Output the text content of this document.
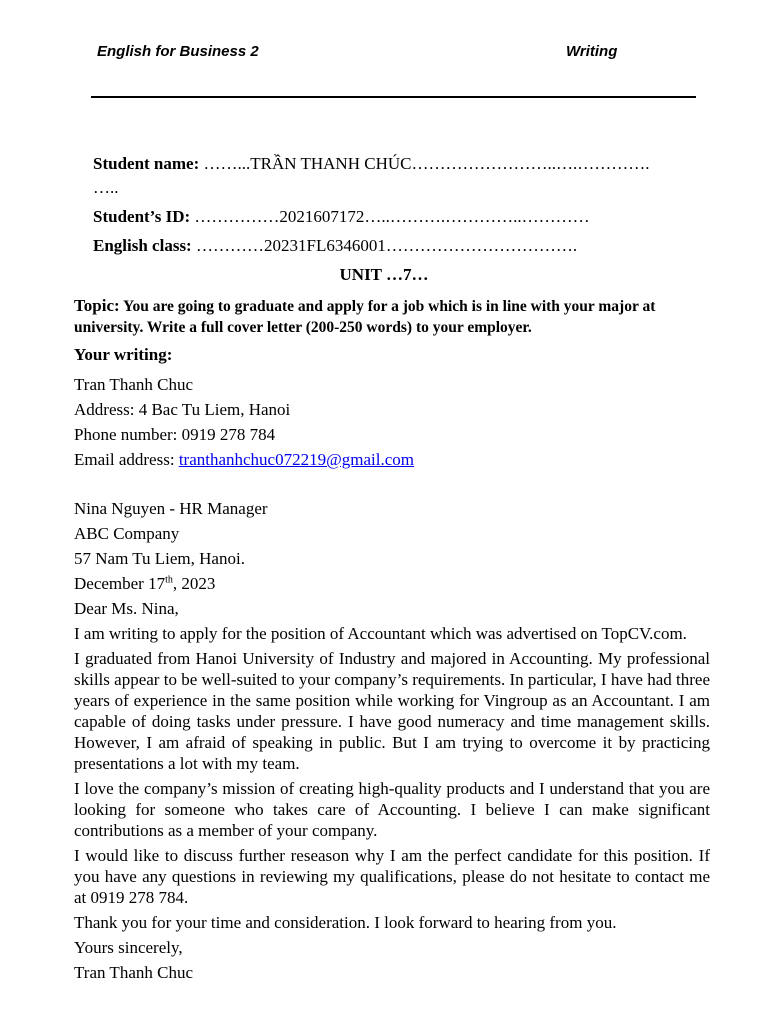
English for Business 2	Writing
Student name: ……...TRẦN THANH CHÚC……………………..….………….
…..
Student’s ID: ……………2021607172…..……….…………..…………
English class: …………20231FL6346001…………………………….
UNIT …7…
Topic: You are going to graduate and apply for a job which is in line with your major at university. Write a full cover letter (200-250 words) to your employer.
Your writing:
Tran Thanh Chuc
Address: 4 Bac Tu Liem, Hanoi
Phone number: 0919 278 784
Email address: tranthanhchuc072219@gmail.com
Nina Nguyen - HR Manager
ABC Company
57 Nam Tu Liem, Hanoi.
December 17th, 2023
Dear Ms. Nina,
I am writing to apply for the position of Accountant which was advertised on TopCV.com.
I graduated from Hanoi University of Industry and majored in Accounting. My professional skills appear to be well-suited to your company’s requirements. In particular, I have had three years of experience in the same position while working for Vingroup as an Accountant. I am capable of doing tasks under pressure. I have good numeracy and time management skills. However, I am afraid of speaking in public. But I am trying to overcome it by practicing presentations a lot with my team.
I love the company’s mission of creating high-quality products and I understand that you are looking for someone who takes care of Accounting. I believe I can make significant contributions as a member of your company.
I would like to discuss further reseason why I am the perfect candidate for this position. If you have any questions in reviewing my qualifications, please do not hesitate to contact me at 0919 278 784.
Thank you for your time and consideration. I look forward to hearing from you.
Yours sincerely,
Tran Thanh Chuc
